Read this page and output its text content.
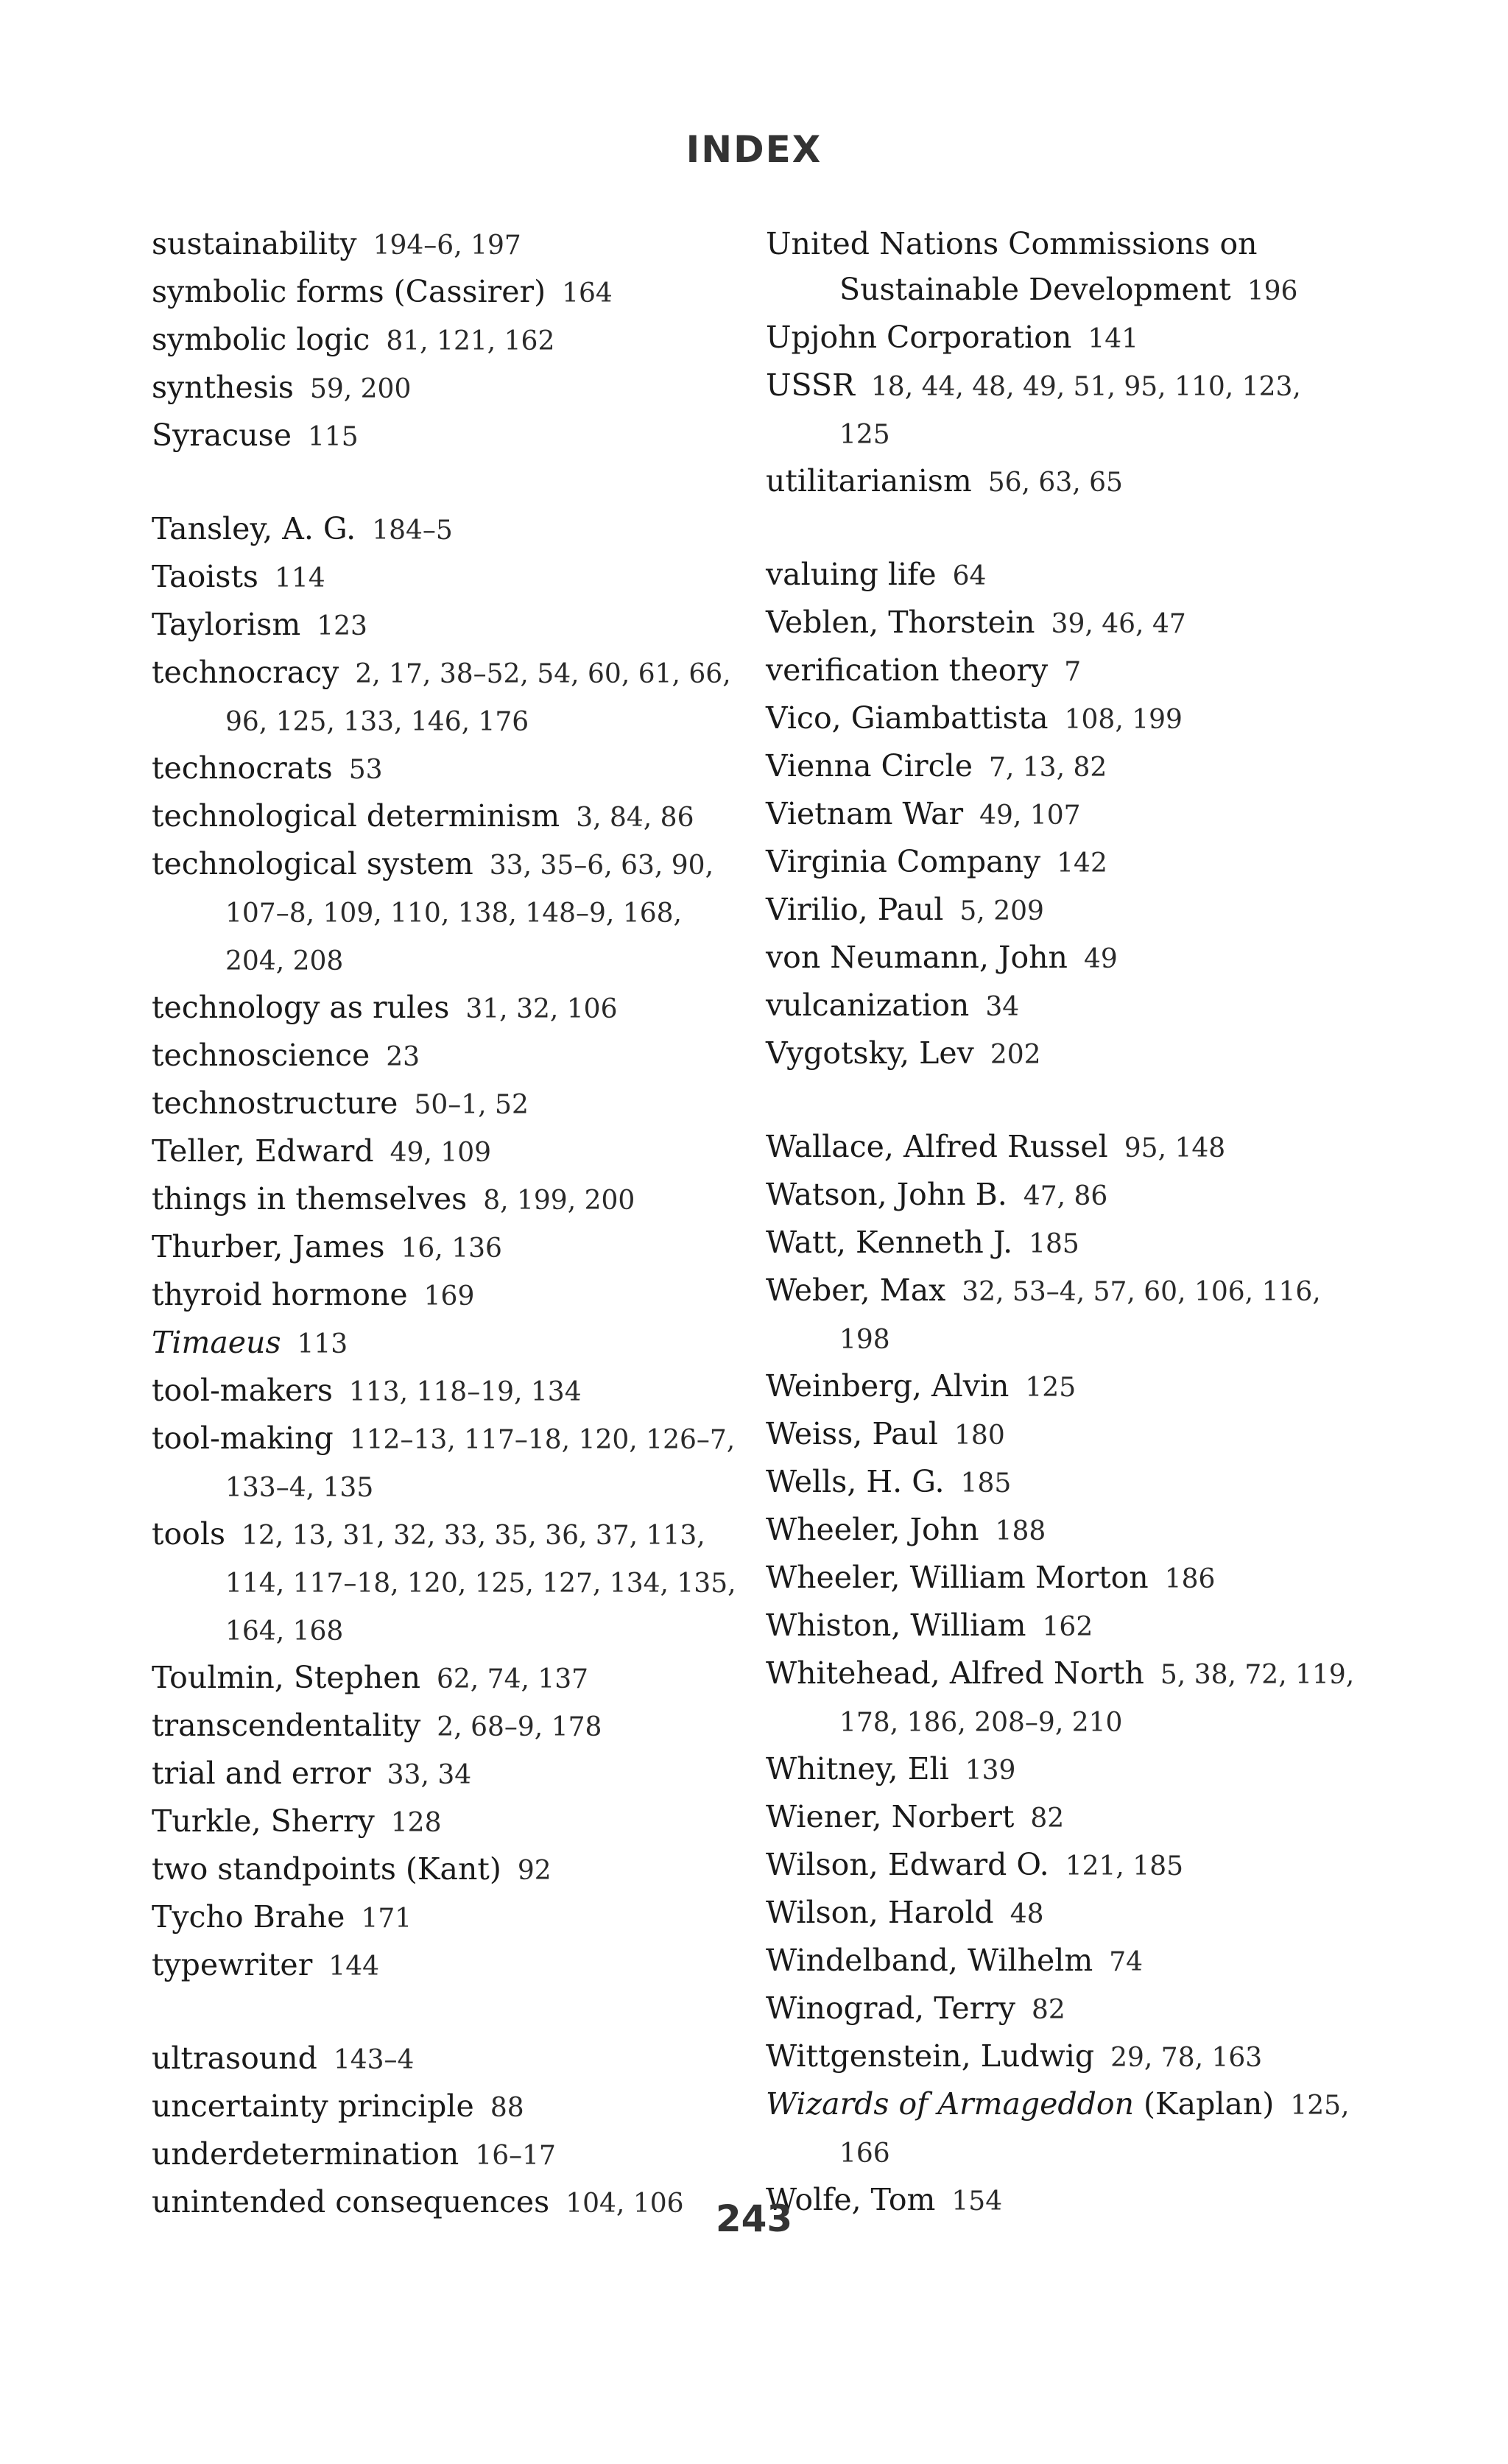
INDEX
sustainability 194–6, 197
symbolic forms (Cassirer) 164
symbolic logic 81, 121, 162
synthesis 59, 200
Syracuse 115
Tansley, A. G. 184–5
Taoists 114
Taylorism 123
technocracy 2, 17, 38–52, 54, 60, 61, 66, 96, 125, 133, 146, 176
technocrats 53
technological determinism 3, 84, 86
technological system 33, 35–6, 63, 90, 107–8, 109, 110, 138, 148–9, 168, 204, 208
technology as rules 31, 32, 106
technoscience 23
technostructure 50–1, 52
Teller, Edward 49, 109
things in themselves 8, 199, 200
Thurber, James 16, 136
thyroid hormone 169
Timaeus 113
tool-makers 113, 118–19, 134
tool-making 112–13, 117–18, 120, 126–7, 133–4, 135
tools 12, 13, 31, 32, 33, 35, 36, 37, 113, 114, 117–18, 120, 125, 127, 134, 135, 164, 168
Toulmin, Stephen 62, 74, 137
transcendentality 2, 68–9, 178
trial and error 33, 34
Turkle, Sherry 128
two standpoints (Kant) 92
Tycho Brahe 171
typewriter 144
ultrasound 143–4
uncertainty principle 88
underdetermination 16–17
unintended consequences 104, 106
United Nations Commissions on Sustainable Development 196
Upjohn Corporation 141
USSR 18, 44, 48, 49, 51, 95, 110, 123, 125
utilitarianism 56, 63, 65
valuing life 64
Veblen, Thorstein 39, 46, 47
verification theory 7
Vico, Giambattista 108, 199
Vienna Circle 7, 13, 82
Vietnam War 49, 107
Virginia Company 142
Virilio, Paul 5, 209
von Neumann, John 49
vulcanization 34
Vygotsky, Lev 202
Wallace, Alfred Russel 95, 148
Watson, John B. 47, 86
Watt, Kenneth J. 185
Weber, Max 32, 53–4, 57, 60, 106, 116, 198
Weinberg, Alvin 125
Weiss, Paul 180
Wells, H. G. 185
Wheeler, John 188
Wheeler, William Morton 186
Whiston, William 162
Whitehead, Alfred North 5, 38, 72, 119, 178, 186, 208–9, 210
Whitney, Eli 139
Wiener, Norbert 82
Wilson, Edward O. 121, 185
Wilson, Harold 48
Windelband, Wilhelm 74
Winograd, Terry 82
Wittgenstein, Ludwig 29, 78, 163
Wizards of Armageddon (Kaplan) 125, 166
Wolfe, Tom 154
243
